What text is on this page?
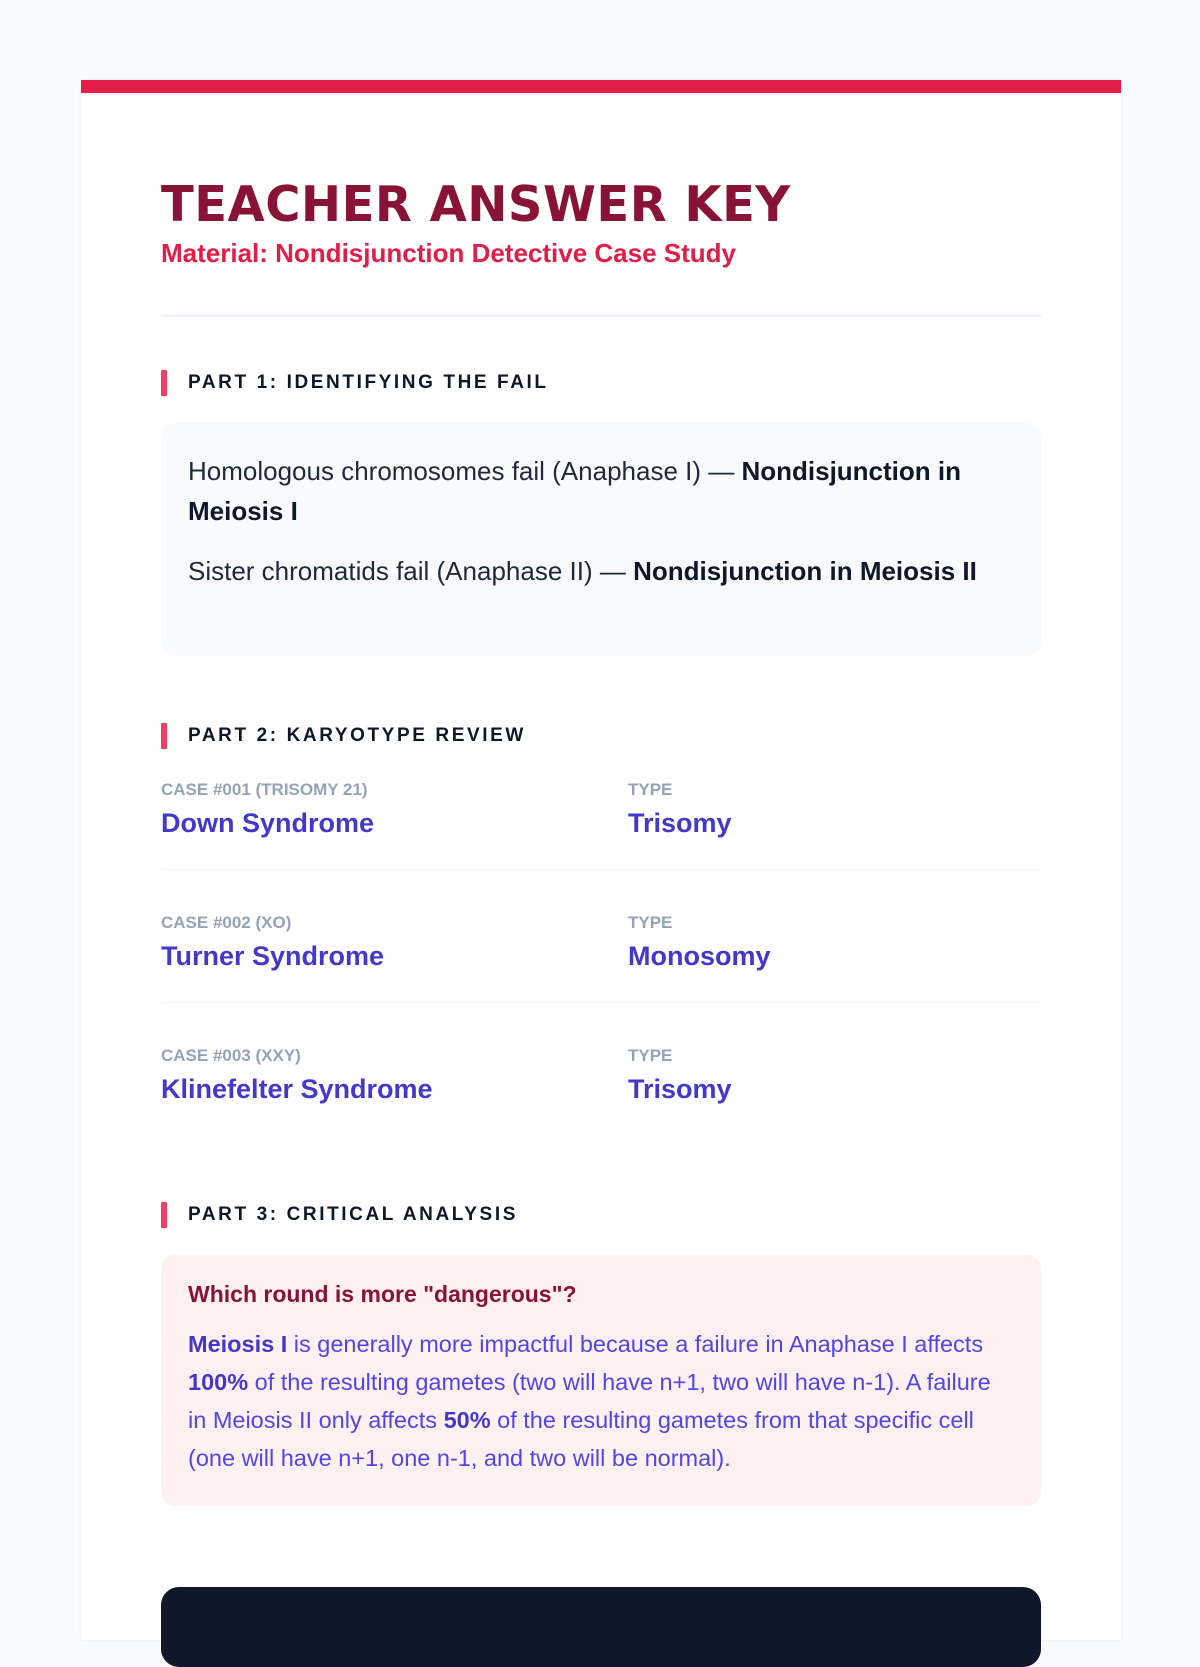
TEACHER ANSWER KEY
Material: Nondisjunction Detective Case Study
PART 1: IDENTIFYING THE FAIL

Homologous chromosomes fail (Anaphase I) — Nondisjunction in Meiosis I

Sister chromatids fail (Anaphase II) — Nondisjunction in Meiosis II

PART 2: KARYOTYPE REVIEW
CASE #001 (TRISOMY 21)
Down Syndrome
TYPE
Trisomy
CASE #002 (XO)
Turner Syndrome
TYPE
Monosomy
CASE #003 (XXY)
Klinefelter Syndrome
TYPE
Trisomy
PART 3: CRITICAL ANALYSIS
Which round is more "dangerous"?

Meiosis I is generally more impactful because a failure in Anaphase I affects 100% of the resulting gametes (two will have n+1, two will have n-1). A failure in Meiosis II only affects 50% of the resulting gametes from that specific cell (one will have n+1, one n-1, and two will be normal).
